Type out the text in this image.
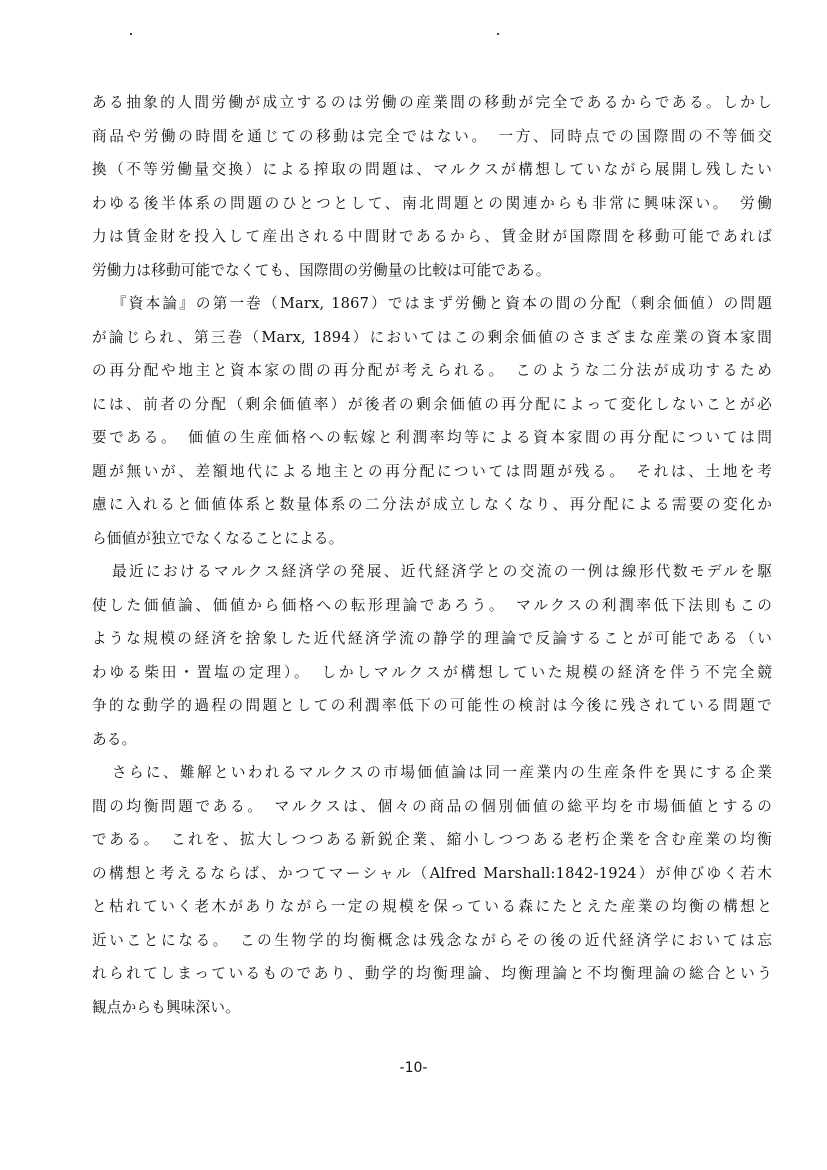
ある抽象的人間労働が成立するのは労働の産業間の移動が完全であるからである。しかし
商品や労働の時間を通じての移動は完全ではない。　一方、同時点での国際間の不等価交
換（不等労働量交換）による搾取の問題は、マルクスが構想していながら展開し残したい
わゆる後半体系の問題のひとつとして、南北問題との関連からも非常に興味深い。　労働
力は賃金財を投入して産出される中間財であるから、賃金財が国際間を移動可能であれば
労働力は移動可能でなくても、国際間の労働量の比較は可能である。
『資本論』の第一巻（Marx, 1867）ではまず労働と資本の間の分配（剰余価値）の問題
が論じられ、第三巻（Marx, 1894）においてはこの剰余価値のさまざまな産業の資本家間
の再分配や地主と資本家の間の再分配が考えられる。　このような二分法が成功するため
には、前者の分配（剰余価値率）が後者の剰余価値の再分配によって変化しないことが必
要である。　価値の生産価格への転嫁と利潤率均等による資本家間の再分配については問
題が無いが、差額地代による地主との再分配については問題が残る。　それは、土地を考
慮に入れると価値体系と数量体系の二分法が成立しなくなり、再分配による需要の変化か
ら価値が独立でなくなることによる。
最近におけるマルクス経済学の発展、近代経済学との交流の一例は線形代数モデルを駆
使した価値論、価値から価格への転形理論であろう。　マルクスの利潤率低下法則もこの
ような規模の経済を捨象した近代経済学流の静学的理論で反論することが可能である（い
わゆる柴田・置塩の定理）。　しかしマルクスが構想していた規模の経済を伴う不完全競
争的な動学的過程の問題としての利潤率低下の可能性の検討は今後に残されている問題で
ある。
さらに、難解といわれるマルクスの市場価値論は同一産業内の生産条件を異にする企業
間の均衡問題である。　マルクスは、個々の商品の個別価値の総平均を市場価値とするの
である。　これを、拡大しつつある新鋭企業、縮小しつつある老朽企業を含む産業の均衡
の構想と考えるならば、かつてマーシャル（Alfred Marshall:1842-1924）が伸びゆく若木
と枯れていく老木がありながら一定の規模を保っている森にたとえた産業の均衡の構想と
近いことになる。　この生物学的均衡概念は残念ながらその後の近代経済学においては忘
れられてしまっているものであり、動学的均衡理論、均衡理論と不均衡理論の総合という
観点からも興味深い。
-10-
